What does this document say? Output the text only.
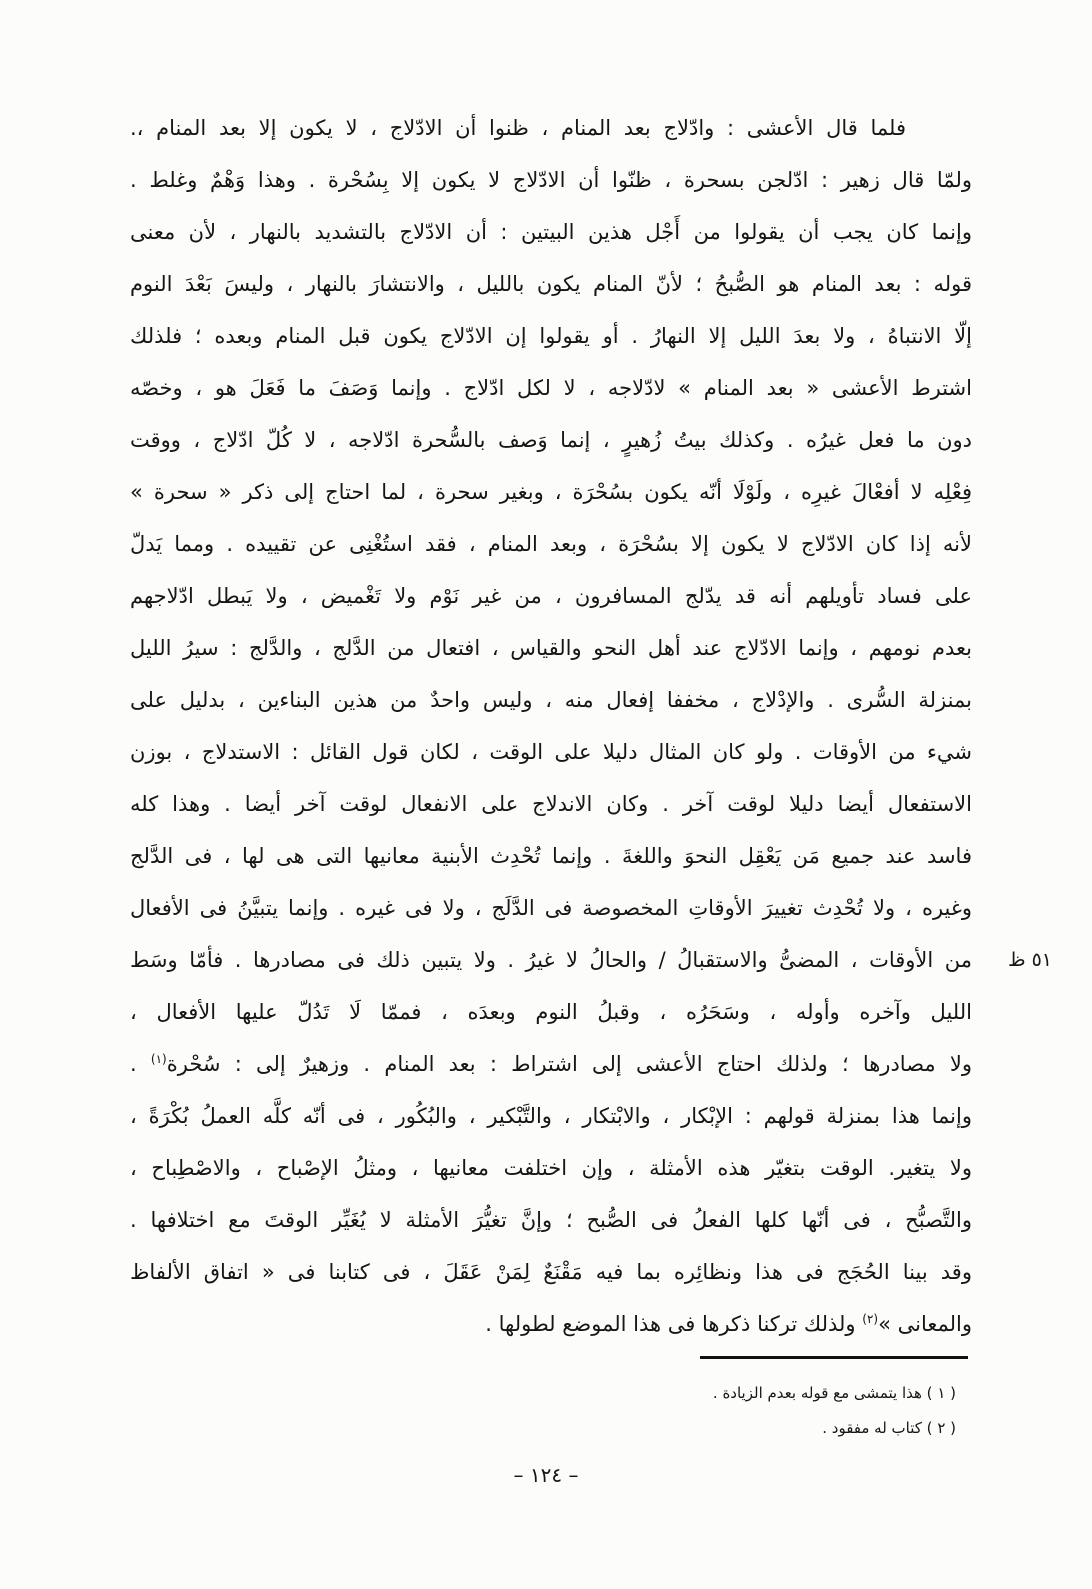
فلما قال الأعشى : وادّلاج بعد المنام ، ظنوا أن الادّلاج ، لا يكون إلا بعد المنام ،.
ولمّا قال زهير : ادّلجن بسحرة ، ظنّوا أن الادّلاج لا يكون إلا بِسُحْرة . وهذا وَهْمٌ وغلط .
وإنما كان يجب أن يقولوا من أَجْل هذين البيتين : أن الادّلاج بالتشديد بالنهار ، لأن معنى
قوله : بعد المنام هو الصُّبحُ ؛ لأنّ المنام يكون بالليل ، والانتشارَ بالنهار ، وليسَ بَعْدَ النوم
إلّا الانتباهُ ، ولا بعدَ الليل إلا النهارُ . أو يقولوا إن الادّلاج يكون قبل المنام وبعده ؛ فلذلك
اشترط الأعشى « بعد المنام » لادّلاجه ، لا لكل ادّلاج . وإنما وَصَفَ ما فَعَلَ هو ، وخصّه
دون ما فعل غيرُه . وكذلك بيتُ زُهيرٍ ، إنما وَصف بالسُّحرة ادّلاجه ، لا كُلّ ادّلاج ، ووقت
فِعْلِه لا أفعْالَ غيرِه ، ولَوْلَا أنّه يكون بسُحْرَة ، وبغير سحرة ، لما احتاج إلى ذكر « سحرة »
لأنه إذا كان الادّلاج لا يكون إلا بسُحْرَة ، وبعد المنام ، فقد استُغْنِى عن تقييده . ومما يَدلّ
على فساد تأويلهم أنه قد يدّلج المسافرون ، من غير نَوْم ولا تَغْميض ، ولا يَبطل ادّلاجهم
بعدم نومهم ، وإنما الادّلاج عند أهل النحو والقياس ، افتعال من الدَّلج ، والدَّلج : سيرُ الليل
بمنزلة السُّرى . والإدْلاج ، مخففا إفعال منه ، وليس واحدٌ من هذين البناءين ، بدليل على
شيء من الأوقات . ولو كان المثال دليلا على الوقت ، لكان قول القائل : الاستدلاج ، بوزن
الاستفعال أيضا دليلا لوقت آخر . وكان الاندلاج على الانفعال لوقت آخر أيضا . وهذا كله
فاسد عند جميع مَن يَعْقِل النحوَ واللغةَ . وإنما تُحْدِث الأبنية معانيها التى هى لها ، فى الدَّلج
وغيره ، ولا تُحْدِث تغييرَ الأوقاتِ المخصوصة فى الدَّلَج ، ولا فى غيره . وإنما يتبيَّنُ فى الأفعال
من الأوقات ، المضىُّ والاستقبالُ / والحالُ لا غيرُ . ولا يتبين ذلك فى مصادرها . فأمّا وسَط ٥١ ظ
الليل وآخره وأوله ، وسَحَرُه ، وقبلُ النوم وبعدَه ، فممّا لَا تَدُلّ عليها الأفعال ،
ولا مصادرها ؛ ولذلك احتاج الأعشى إلى اشتراط : بعد المنام . وزهيرٌ إلى : سُحْرة$^{(١)}$ .
وإنما هذا بمنزلة قولهم : الإبْكار ، والابْتكار ، والتَّبْكير ، والبُكُور ، فى أنّه كلَّه العملُ بُكْرَةً ،
ولا يتغير. الوقت بتغيّر هذه الأمثلة ، وإن اختلفت معانيها ، ومثلُ الإصْباح ، والاصْطِباح ،
والتَّصبُّح ، فى أنّها كلها الفعلُ فى الصُّبح ؛ وإنَّ تغيُّرَ الأمثلة لا يُغَيِّر الوقتَ مع اختلافها .
وقد بينا الحُجَج فى هذا ونظائِره بما فيه مَقْنَعٌ لِمَنْ عَقَلَ ، فى كتابنا فى « اتفاق الألفاظ
والمعانى »$^{(٢)}$ ولذلك تركنا ذكرها فى هذا الموضع لطولها .
( ١ ) هذا يتمشى مع قوله بعدم الزيادة .
( ٢ ) كتاب له مفقود .
– ١٢٤ –
